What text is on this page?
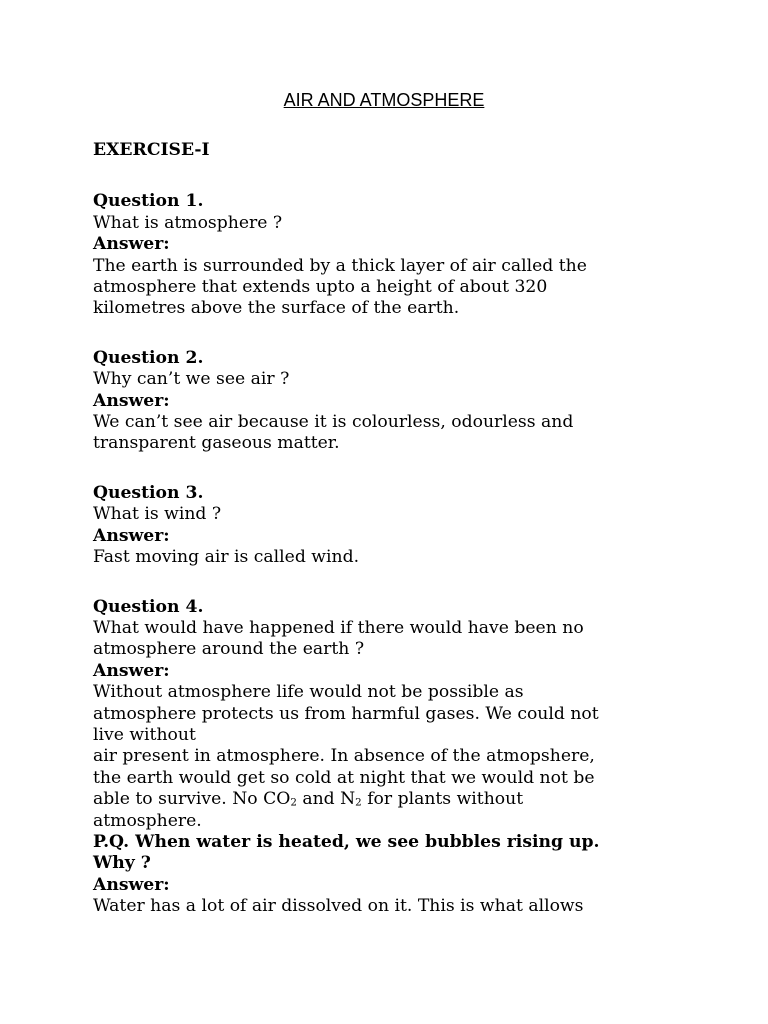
AIR AND ATMOSPHERE
EXERCISE-I
Question 1.
What is atmosphere ?
Answer:
The earth is surrounded by a thick layer of air called the
atmosphere that extends upto a height of about 320
kilometres above the surface of the earth.
Question 2.
Why can’t we see air ?
Answer:
We can’t see air because it is colourless, odourless and
transparent gaseous matter.
Question 3.
What is wind ?
Answer:
Fast moving air is called wind.
Question 4.
What would have happened if there would have been no
atmosphere around the earth ?
Answer:
Without atmosphere life would not be possible as
atmosphere protects us from harmful gases. We could not
live without
air present in atmosphere. In absence of the atmopshere,
the earth would get so cold at night that we would not be
able to survive. No $CO_2$ and $N_2$ for plants without
atmosphere.
P.Q. When water is heated, we see bubbles rising up.
Why ?
Answer:
Water has a lot of air dissolved on it. This is what allows
